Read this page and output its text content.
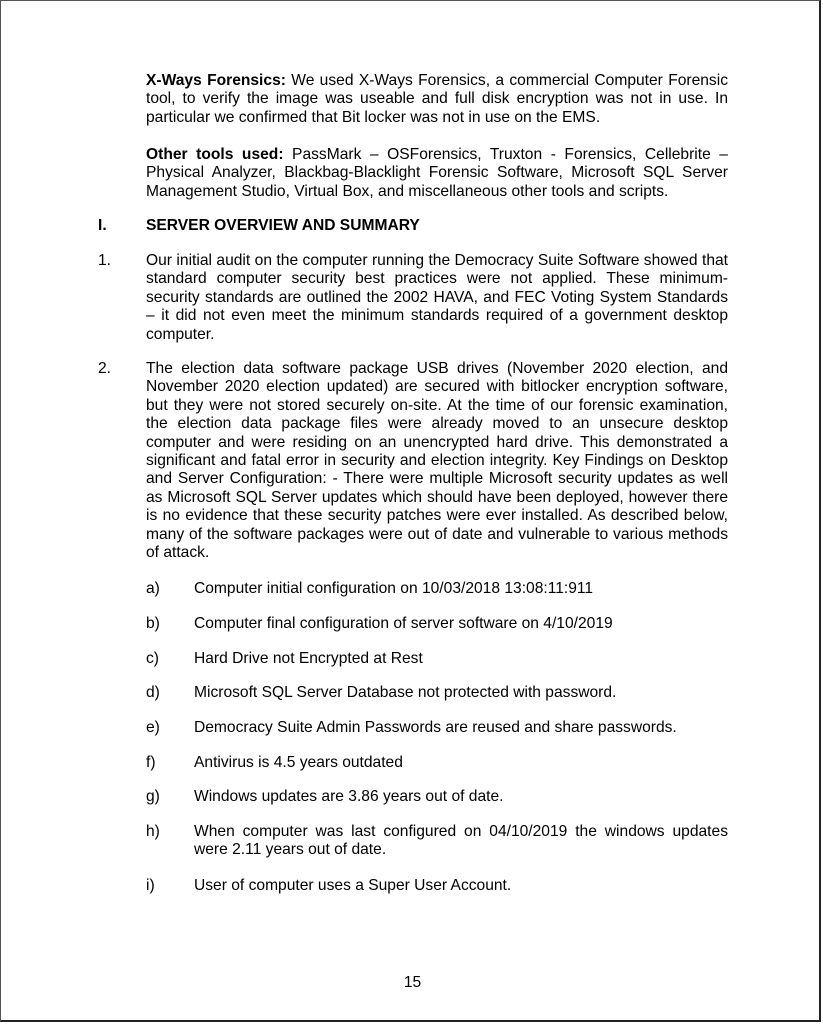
X-Ways Forensics: We used X-Ways Forensics, a commercial Computer Forensic tool, to verify the image was useable and full disk encryption was not in use. In particular we confirmed that Bit locker was not in use on the EMS.

Other tools used: PassMark – OSForensics, Truxton - Forensics, Cellebrite – Physical Analyzer, Blackbag-Blacklight Forensic Software, Microsoft SQL Server Management Studio, Virtual Box, and miscellaneous other tools and scripts.

I.	SERVER OVERVIEW AND SUMMARY

1. Our initial audit on the computer running the Democracy Suite Software showed that standard computer security best practices were not applied. These minimum-security standards are outlined the 2002 HAVA, and FEC Voting System Standards – it did not even meet the minimum standards required of a government desktop computer.

2. The election data software package USB drives (November 2020 election, and November 2020 election updated) are secured with bitlocker encryption software, but they were not stored securely on-site. At the time of our forensic examination, the election data package files were already moved to an unsecure desktop computer and were residing on an unencrypted hard drive. This demonstrated a significant and fatal error in security and election integrity. Key Findings on Desktop and Server Configuration: - There were multiple Microsoft security updates as well as Microsoft SQL Server updates which should have been deployed, however there is no evidence that these security patches were ever installed. As described below, many of the software packages were out of date and vulnerable to various methods of attack.

a) Computer initial configuration on 10/03/2018 13:08:11:911

b) Computer final configuration of server software on 4/10/2019

c) Hard Drive not Encrypted at Rest

d) Microsoft SQL Server Database not protected with password.

e) Democracy Suite Admin Passwords are reused and share passwords.

f) Antivirus is 4.5 years outdated

g) Windows updates are 3.86 years out of date.

h) When computer was last configured on 04/10/2019 the windows updates were 2.11 years out of date.

i)	User of computer uses a Super User Account.

15
